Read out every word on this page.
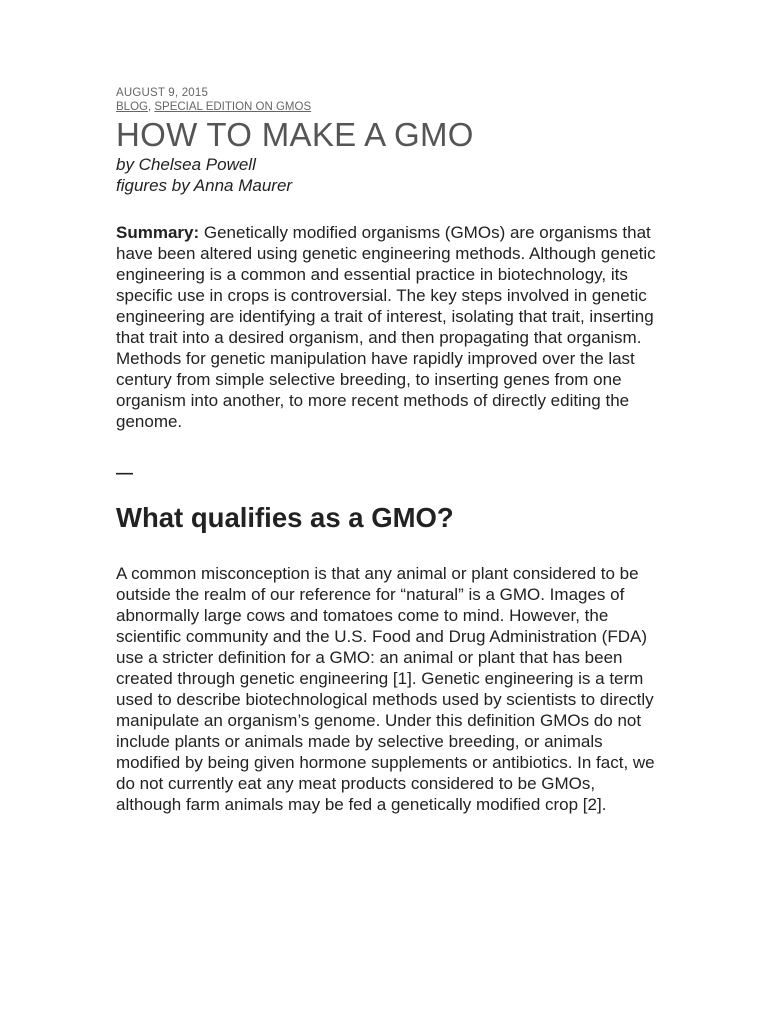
AUGUST 9, 2015
BLOG, SPECIAL EDITION ON GMOS
HOW TO MAKE A GMO

by Chelsea Powell

figures by Anna Maurer

Summary: Genetically modified organisms (GMOs) are organisms that have been altered using genetic engineering methods. Although genetic engineering is a common and essential practice in biotechnology, its specific use in crops is controversial. The key steps involved in genetic engineering are identifying a trait of interest, isolating that trait, inserting that trait into a desired organism, and then propagating that organism. Methods for genetic manipulation have rapidly improved over the last century from simple selective breeding, to inserting genes from one organism into another, to more recent methods of directly editing the genome.
—
What qualifies as a GMO?
A common misconception is that any animal or plant considered to be outside the realm of our reference for “natural” is a GMO. Images of abnormally large cows and tomatoes come to mind. However, the scientific community and the U.S. Food and Drug Administration (FDA) use a stricter definition for a GMO: an animal or plant that has been created through genetic engineering [1]. Genetic engineering is a term used to describe biotechnological methods used by scientists to directly manipulate an organism’s genome. Under this definition GMOs do not include plants or animals made by selective breeding, or animals modified by being given hormone supplements or antibiotics. In fact, we do not currently eat any meat products considered to be GMOs, although farm animals may be fed a genetically modified crop [2].
